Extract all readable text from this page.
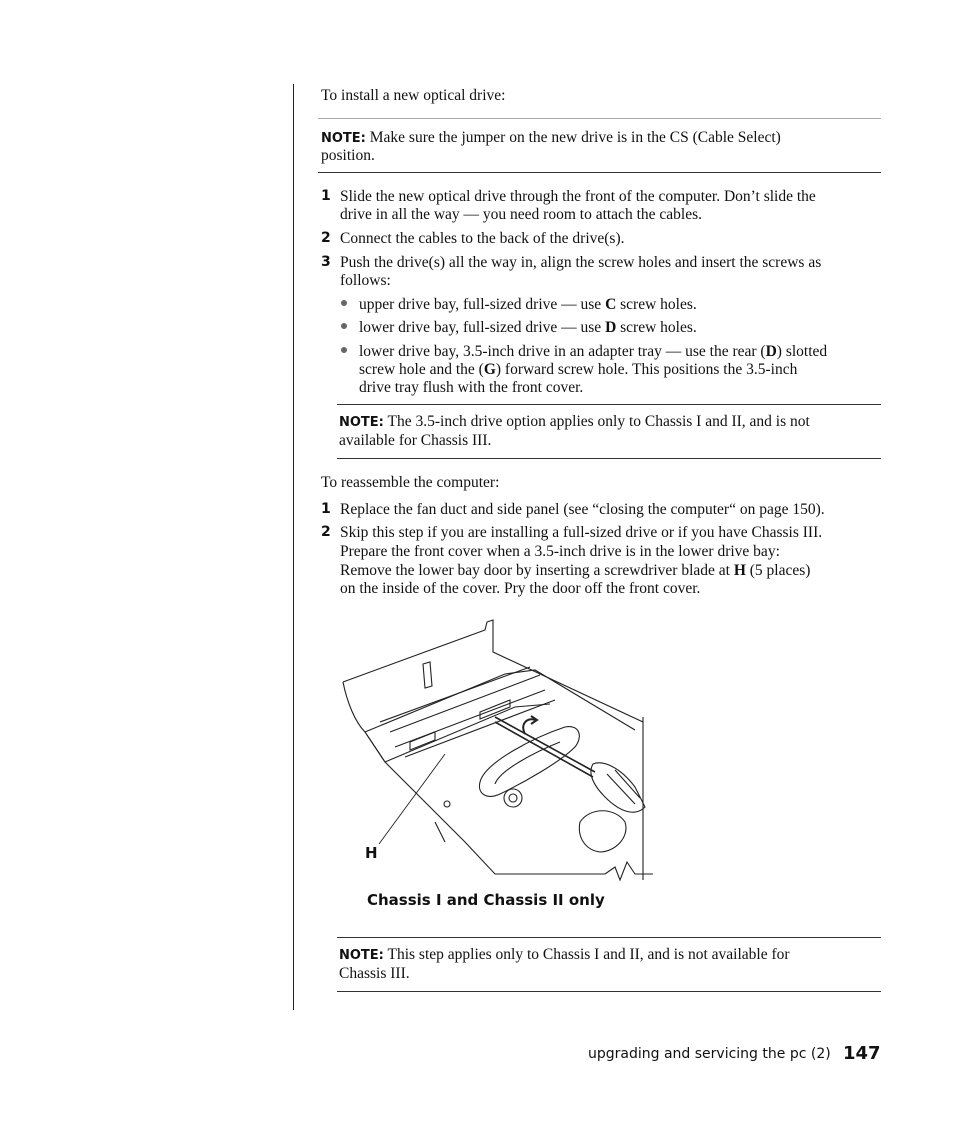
To install a new optical drive:
NOTE: Make sure the jumper on the new drive is in the CS (Cable Select)
position.
1 Slide the new optical drive through the front of the computer. Don’t slide the
drive in all the way — you need room to attach the cables.
2 Connect the cables to the back of the drive(s).
3 Push the drive(s) all the way in, align the screw holes and insert the screws as
follows:
upper drive bay, full-sized drive — use C screw holes.
lower drive bay, full-sized drive — use D screw holes.
lower drive bay, 3.5-inch drive in an adapter tray — use the rear (D) slotted
screw hole and the (G) forward screw hole. This positions the 3.5-inch
drive tray flush with the front cover.
NOTE: The 3.5-inch drive option applies only to Chassis I and II, and is not
available for Chassis III.
To reassemble the computer:
1 Replace the fan duct and side panel (see “closing the computer“ on page 150).
2 Skip this step if you are installing a full-sized drive or if you have Chassis III.
Prepare the front cover when a 3.5-inch drive is in the lower drive bay:
Remove the lower bay door by inserting a screwdriver blade at H (5 places)
on the inside of the cover. Pry the door off the front cover.
H
Chassis I and Chassis II only
NOTE: This step applies only to Chassis I and II, and is not available for
Chassis III.
upgrading and servicing the pc (2) 147
